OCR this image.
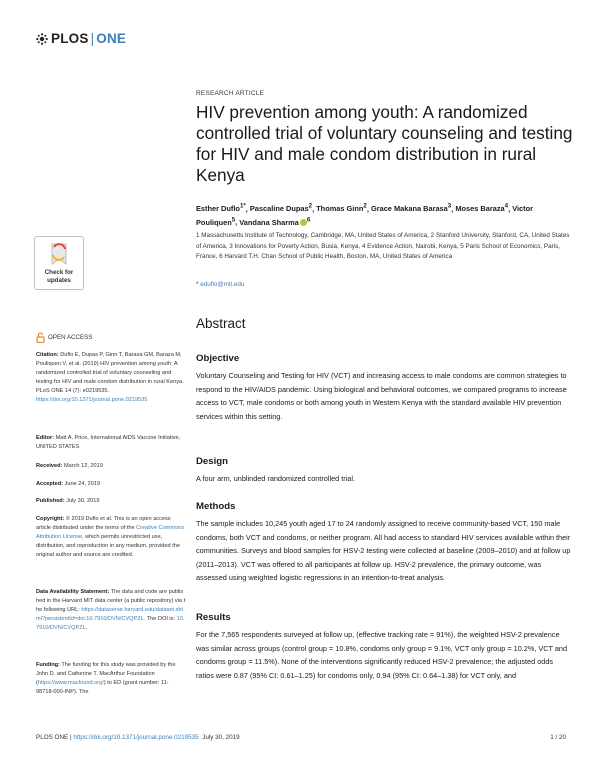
PLOS | ONE
RESEARCH ARTICLE
HIV prevention among youth: A randomized controlled trial of voluntary counseling and testing for HIV and male condom distribution in rural Kenya
Esther Duflo$^{1*}$, Pascaline Dupas$^2$, Thomas Ginn$^2$, Grace Makana Barasa$^3$, Moses Baraza$^4$, Victor Pouliquen$^5$, Vandana Sharma $^6$
1 Massachusetts Institute of Technology, Cambridge, MA, United States of America, 2 Stanford University, Stanford, CA, United States of America, 3 Innovations for Poverty Action, Busia, Kenya, 4 Evidence Action, Nairobi, Kenya, 5 Paris School of Economics, Paris, France, 6 Harvard T.H. Chan School of Public Health, Boston, MA, United States of America
* eduflo@mit.edu
Check for
updates
OPEN ACCESS
Citation: Duflo E, Dupas P, Ginn T, Barasa GM, Baraza M, Pouliquen V, et al. (2019) HIV prevention among youth: A randomized controlled trial of voluntary counseling and testing for HIV and male condom distribution in rural Kenya. PLoS ONE 14 (7): e0219535. https://doi.org/10.1371/journal.pone.0219535
Editor: Matt A. Price, International AIDS Vaccine Initiative, UNITED STATES
Received: March 12, 2019
Accepted: June 24, 2019
Published: July 30, 2019
Copyright: © 2019 Duflo et al. This is an open access article distributed under the terms of the Creative Commons Attribution License, which permits unrestricted use, distribution, and reproduction in any medium, provided the original author and source are credited.
Data Availability Statement: The data and code are published in the Harvard MIT data center (a public repository) via the following URL: https://dataverse.harvard.edu/dataset.xhtml?persistentId=doi:10.7910/DVN/CVQPZL. The DOI is: 10.7910/DVN/CVQPZL.
Funding: The funding for this study was provided by the John D. and Catherine T. MacArthur Foundation (https://www.macfound.org/) to ED (grant number: 11-98718-000-INP). The
Abstract
Objective
Voluntary Counseling and Testing for HIV (VCT) and increasing access to male condoms are common strategies to respond to the HIV/AIDS pandemic. Using biological and behavioral outcomes, we compared programs to increase access to VCT, male condoms or both among youth in Western Kenya with the standard available HIV prevention services within this setting.
Design
A four arm, unblinded randomized controlled trial.
Methods
The sample includes 10,245 youth aged 17 to 24 randomly assigned to receive community-based VCT, 150 male condoms, both VCT and condoms, or neither program. All had access to standard HIV services available within their communities. Surveys and blood samples for HSV-2 testing were collected at baseline (2009–2010) and at follow up (2011–2013). VCT was offered to all participants at follow up. HSV-2 prevalence, the primary outcome, was assessed using weighted logistic regressions in an intention-to-treat analysis.
Results
For the 7,565 respondents surveyed at follow up, (effective tracking rate = 91%), the weighted HSV-2 prevalence was similar across groups (control group = 10.8%, condoms only group = 9.1%, VCT only group = 10.2%, VCT and condoms group = 11.5%). None of the interventions significantly reduced HSV-2 prevalence; the adjusted odds ratios were 0.87 (95% CI: 0.61–1.25) for condoms only, 0.94 (95% CI: 0.64–1.38) for VCT only, and
PLOS ONE | https://doi.org/10.1371/journal.pone.0219535 July 30, 2019	1 / 20
